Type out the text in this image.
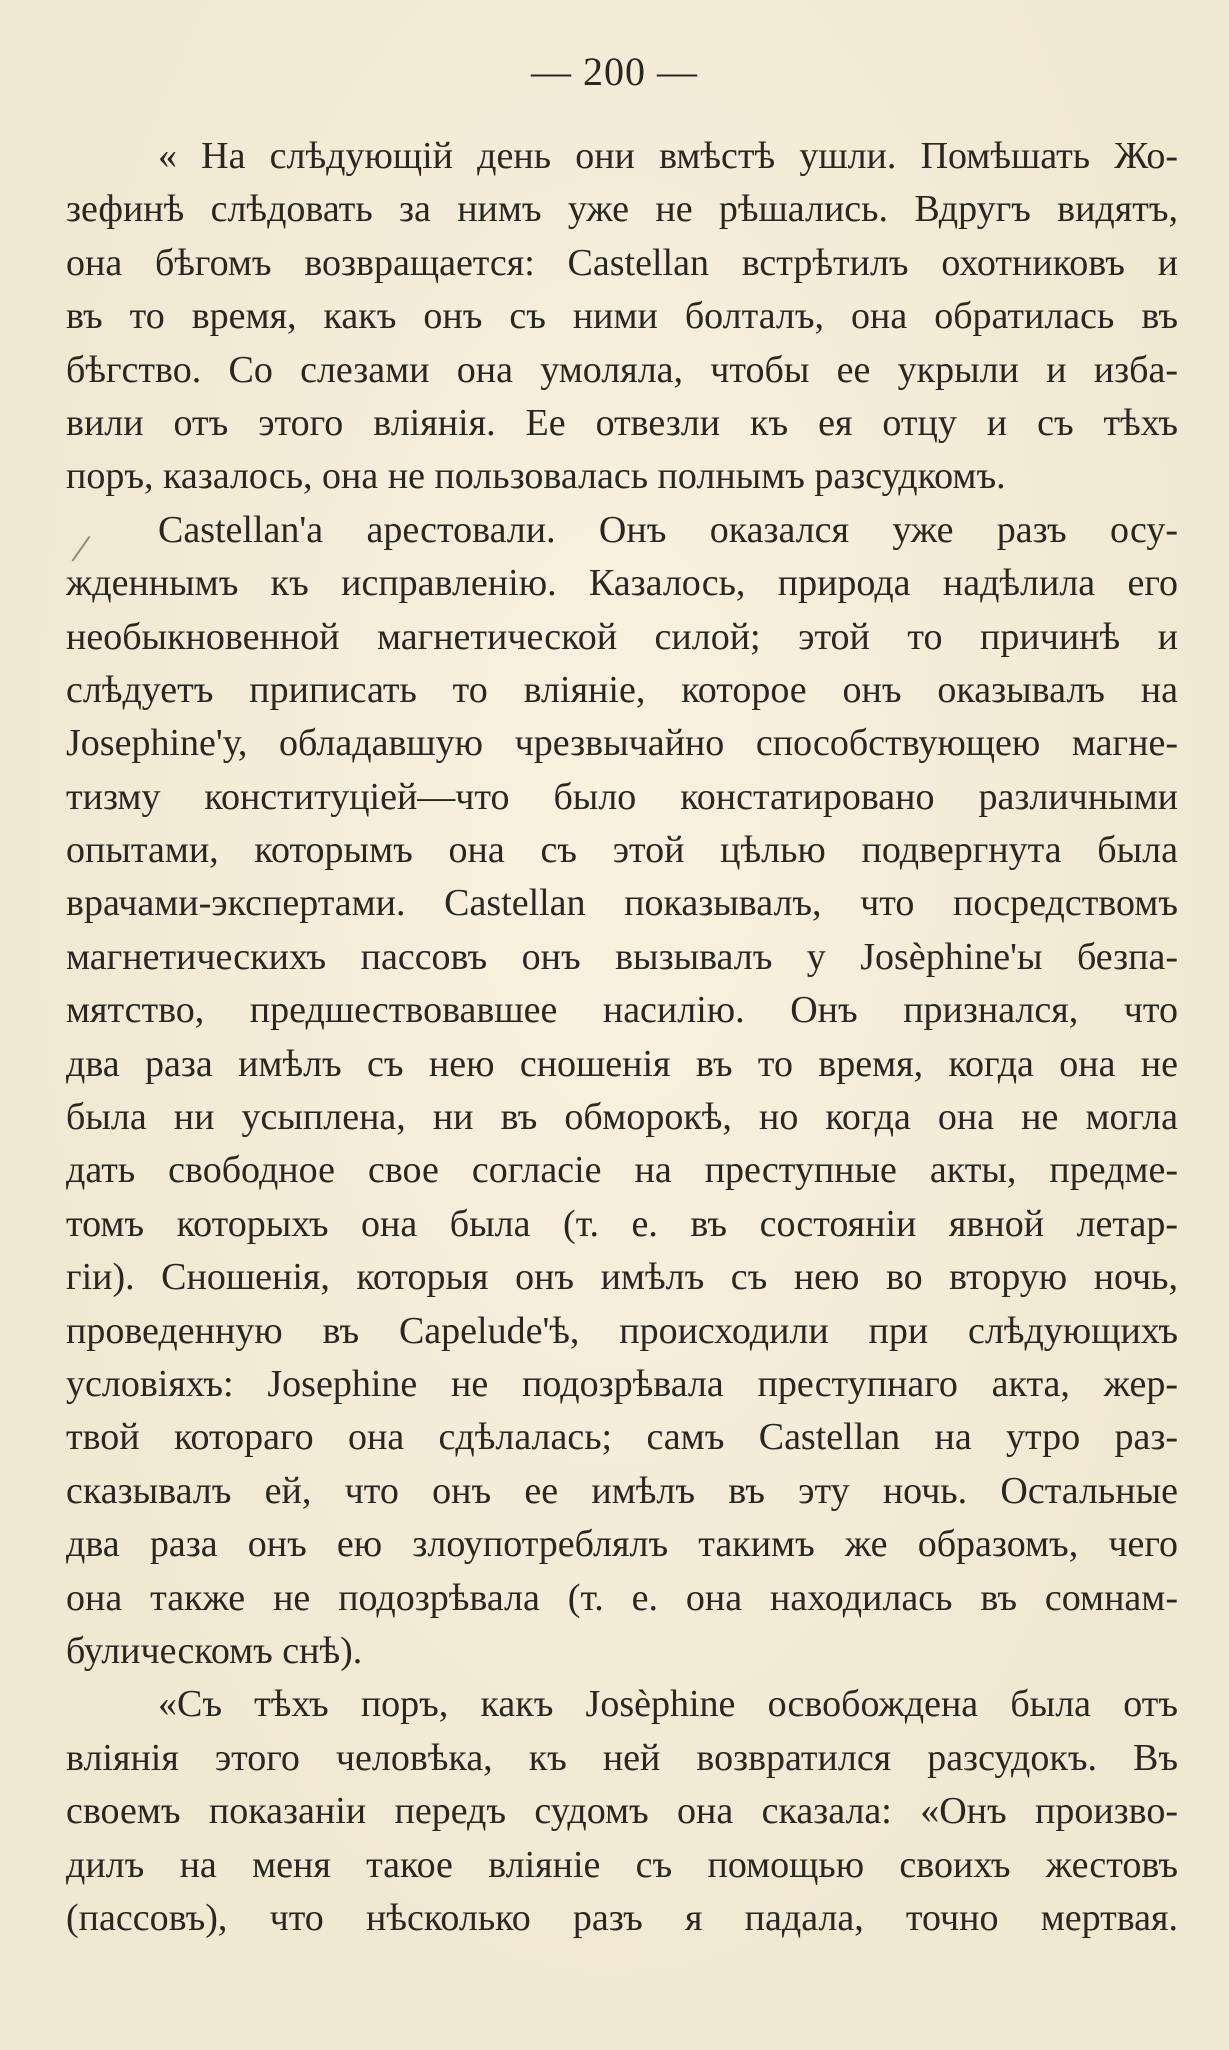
— 200 —
« На слѣдующій день они вмѣстѣ ушли. Помѣшать Жо-
зефинѣ слѣдовать за нимъ уже не рѣшались. Вдругъ видятъ,
она бѣгомъ возвращается: Castellan встрѣтилъ охотниковъ и
въ то время, какъ онъ съ ними болталъ, она обратилась въ
бѣгство. Со слезами она умоляла, чтобы ее укрыли и изба-
вили отъ этого вліянія. Ее отвезли къ ея отцу и съ тѣхъ
поръ, казалось, она не пользовалась полнымъ разсудкомъ.
Castellan'а арестовали. Онъ оказался уже разъ осу-
жденнымъ къ исправленію. Казалось, природа надѣлила его
необыкновенной магнетической силой; этой то причинѣ и
слѣдуетъ приписать то вліяніе, которое онъ оказывалъ на
Josephine'у, обладавшую чрезвычайно способствующею магне-
тизму конституціей—что было констатировано различными
опытами, которымъ она съ этой цѣлью подвергнута была
врачами-экспертами. Castellan показывалъ, что посредствомъ
магнетическихъ пассовъ онъ вызывалъ у Josèphine'ы безпа-
мятство, предшествовавшее насилію. Онъ признался, что
два раза имѣлъ съ нею сношенія въ то время, когда она не
была ни усыплена, ни въ обморокѣ, но когда она не могла
дать свободное свое согласіе на преступные акты, предме-
томъ которыхъ она была (т. е. въ состояніи явной летар-
гіи). Сношенія, которыя онъ имѣлъ съ нею во вторую ночь,
проведенную въ Capelude'ѣ, происходили при слѣдующихъ
условіяхъ: Josephine не подозрѣвала преступнаго акта, жер-
твой котораго она сдѣлалась; самъ Castellan на утро раз-
сказывалъ ей, что онъ ее имѣлъ въ эту ночь. Остальные
два раза онъ ею злоупотреблялъ такимъ же образомъ, чего
она также не подозрѣвала (т. е. она находилась въ сомнам-
булическомъ снѣ).
«Съ тѣхъ поръ, какъ Josèphine освобождена была отъ
вліянія этого человѣка, къ ней возвратился разсудокъ. Въ
своемъ показаніи передъ судомъ она сказала: «Онъ произво-
дилъ на меня такое вліяніе съ помощью своихъ жестовъ
(пассовъ), что нѣсколько разъ я падала, точно мертвая.
